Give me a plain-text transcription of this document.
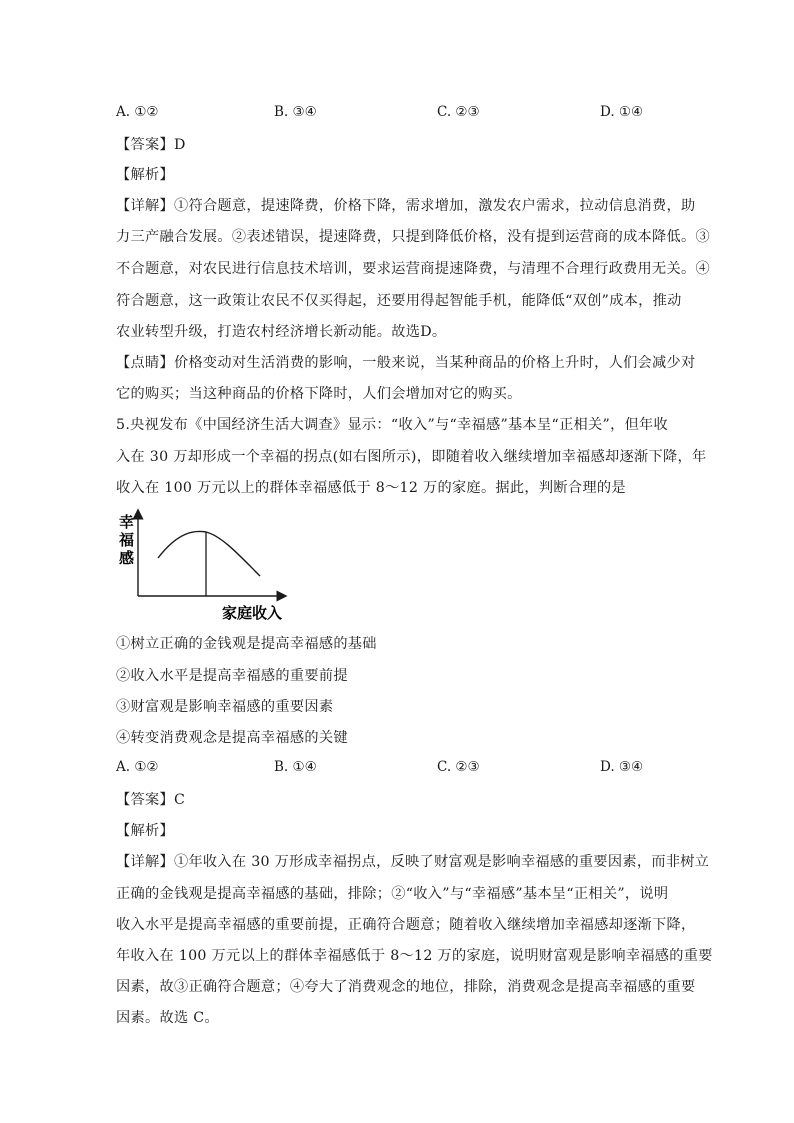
A. ①②	B. ③④	C. ②③	D. ①④
【答案】D
【解析】
【详解】①符合题意，提速降费，价格下降，需求增加，激发农户需求，拉动信息消费，助
力三产融合发展。②表述错误，提速降费，只提到降低价格，没有提到运营商的成本降低。③
不合题意，对农民进行信息技术培训，要求运营商提速降费，与清理不合理行政费用无关。④
符合题意，这一政策让农民不仅买得起，还要用得起智能手机，能降低“双创”成本，推动
农业转型升级，打造农村经济增长新动能。故选D。
【点睛】价格变动对生活消费的影响，一般来说，当某种商品的价格上升时，人们会减少对
它的购买；当这种商品的价格下降时，人们会增加对它的购买。
5.央视发布《中国经济生活大调查》显示：“收入”与“幸福感”基本呈“正相关”，但年收
入在 30 万却形成一个幸福的拐点(如右图所示)，即随着收入继续增加幸福感却逐渐下降，年
收入在 100 万元以上的群体幸福感低于 8～12 万的家庭。据此，判断合理的是
幸
福
感
家庭收入
①树立正确的金钱观是提高幸福感的基础
②收入水平是提高幸福感的重要前提
③财富观是影响幸福感的重要因素
④转变消费观念是提高幸福感的关键
A. ①②	B. ①④	C. ②③	D. ③④
【答案】C
【解析】
【详解】①年收入在 30 万形成幸福拐点，反映了财富观是影响幸福感的重要因素，而非树立
正确的金钱观是提高幸福感的基础，排除；②“收入”与“幸福感”基本呈“正相关”，说明
收入水平是提高幸福感的重要前提，正确符合题意；随着收入继续增加幸福感却逐渐下降，
年收入在 100 万元以上的群体幸福感低于 8～12 万的家庭，说明财富观是影响幸福感的重要
因素，故③正确符合题意；④夸大了消费观念的地位，排除，消费观念是提高幸福感的重要
因素。故选 C。
